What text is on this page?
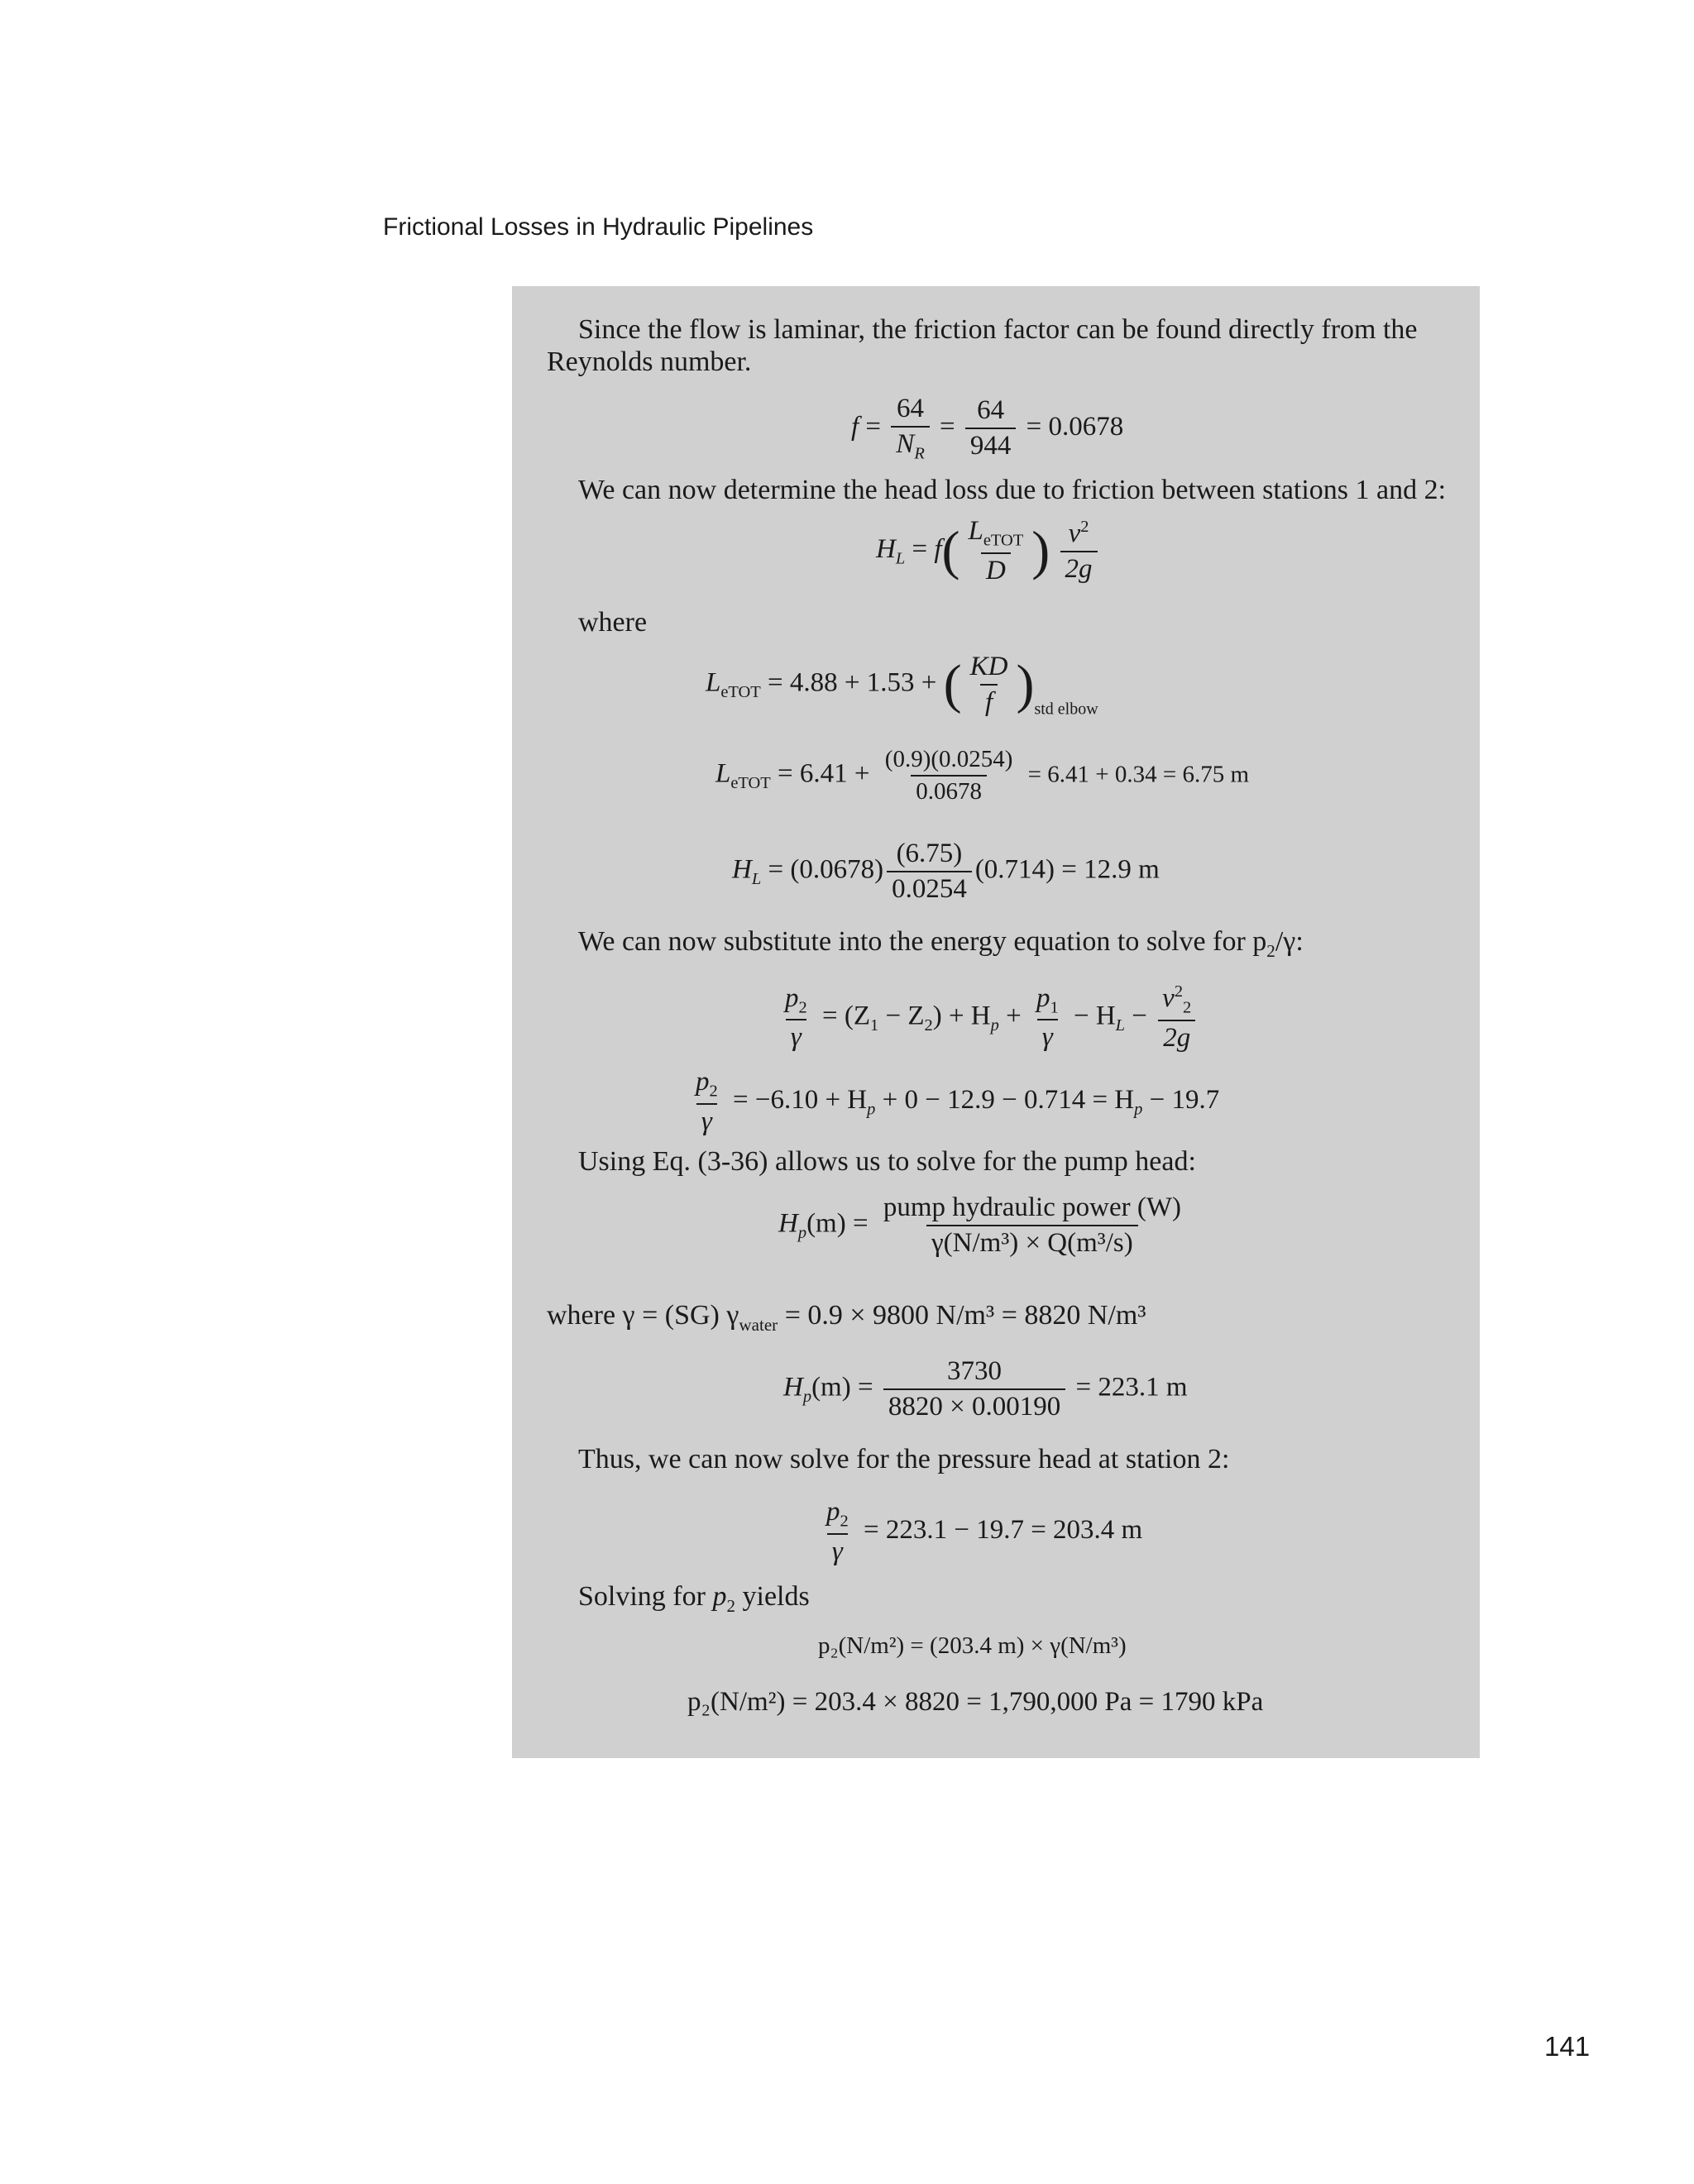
Frictional Losses in Hydraulic Pipelines
Since the flow is laminar, the friction factor can be found directly from the
Reynolds number.
$f = \frac{64}{N_R} = \frac{64}{944} = 0.0678$
We can now determine the head loss due to friction between stations 1 and 2:
$H_L = f( \frac{L_{eTOT}}{D}$ ) $\frac{v^2}{2g}$
where
$L_{eTOT} = 4.88 + 1.53$ + ( $\frac{KD}{f} )_{std elbow}$
$L_{eTOT} = 6.41 + \frac{(0.9)(0.0254)}{0.0678} = 6.41 + 0.34 = 6.75$ m
$H_L = (0.0678) \frac{(6.75)}{0.0254} (0.714) = 12.9$ m
We can now substitute into the energy equation to solve for $p_2/\gamma$:
$\frac{p_2}{\gamma} = (Z_1 - Z_2) + H_p + \frac{p_1}{\gamma} - H_L - \frac{v^2_2}{2g}$
$\frac{p_2}{\gamma} = -6.10 + H_p + 0 - 12.9 - 0.714 = H_p - 19.7$
Using Eq. (3-36) allows us to solve for the pump head:
$H_p(m) = \frac{\text{pump hydraulic power (W)}}{\text{γ(N/m³) × Q(m³/s)}}$
where γ = (SG) $\gamma_{water} = 0.9 \times 9800$ N/m³ = 8820 N/m³
$H_p(m) = \frac{3730}{8820 \times 0.00190} = 223.1$ m
Thus, we can now solve for the pressure head at station 2:
$\frac{p_2}{\gamma} = 223.1 - 19.7 = 203.4$ m
Solving for $p_2$ yields
p₂(N/m²) = (203.4 m) × γ(N/m³)
p₂(N/m²) = 203.4 × 8820 = 1,790,000 Pa = 1790 kPa
141
